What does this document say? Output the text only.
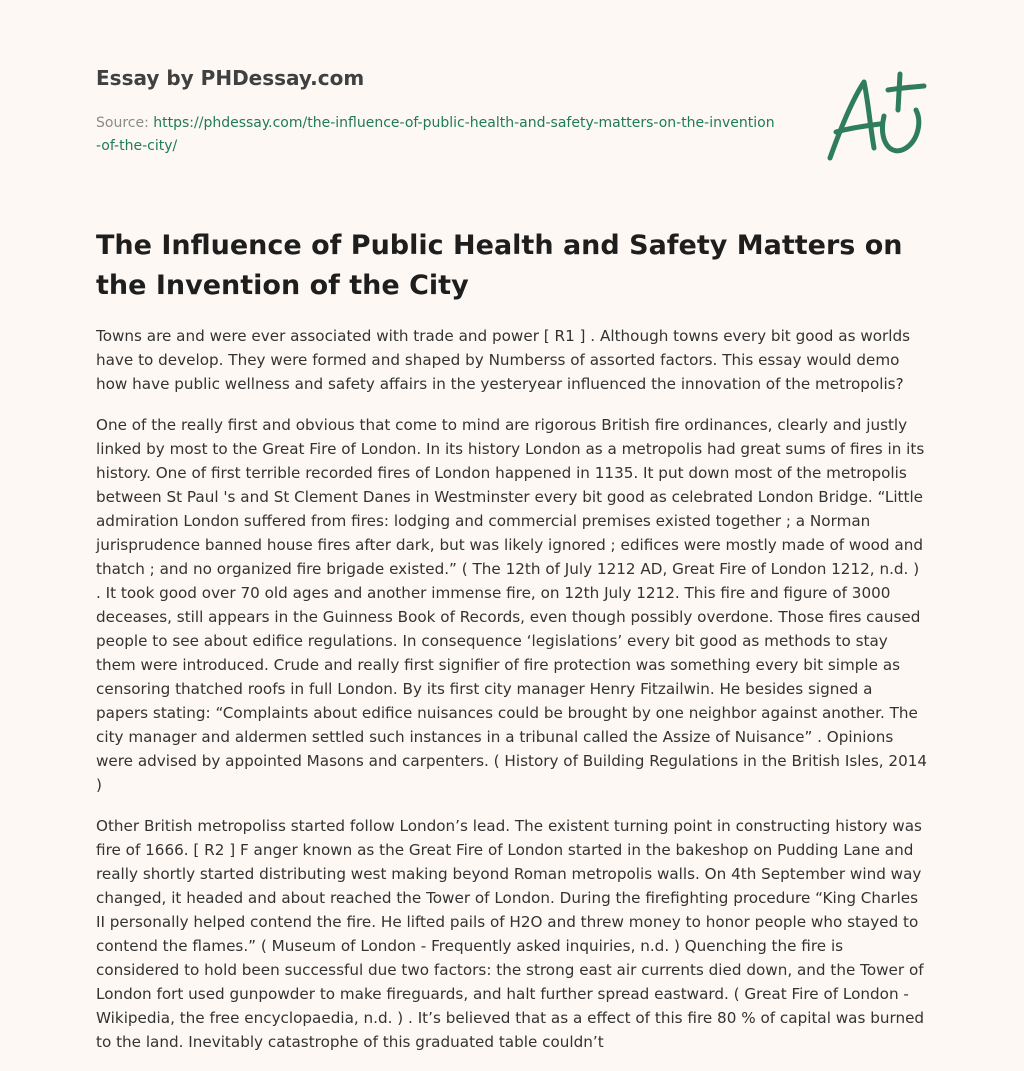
Essay by PHDessay.com
Source: https://phdessay.com/the-influence-of-public-health-and-safety-matters-on-the-invention-of-the-city/
The Influence of Public Health and Safety Matters on the Invention of the City

Towns are and were ever associated with trade and power [ R1 ] . Although towns every bit good as worlds have to develop. They were formed and shaped by Numberss of assorted factors. This essay would demo how have public wellness and safety affairs in the yesteryear influenced the innovation of the metropolis?

One of the really first and obvious that come to mind are rigorous British fire ordinances, clearly and justly linked by most to the Great Fire of London. In its history London as a metropolis had great sums of fires in its history. One of first terrible recorded fires of London happened in 1135. It put down most of the metropolis between St Paul 's and St Clement Danes in Westminster every bit good as celebrated London Bridge. “Little admiration London suffered from fires: lodging and commercial premises existed together ; a Norman jurisprudence banned house fires after dark, but was likely ignored ; edifices were mostly made of wood and thatch ; and no organized fire brigade existed.” ( The 12th of July 1212 AD, Great Fire of London 1212, n.d. ) . It took good over 70 old ages and another immense fire, on 12th July 1212. This fire and figure of 3000 deceases, still appears in the Guinness Book of Records, even though possibly overdone. Those fires caused people to see about edifice regulations. In consequence ‘legislations’ every bit good as methods to stay them were introduced. Crude and really first signifier of fire protection was something every bit simple as censoring thatched roofs in full London. By its first city manager Henry Fitzailwin. He besides signed a papers stating: “Complaints about edifice nuisances could be brought by one neighbor against another. The city manager and aldermen settled such instances in a tribunal called the Assize of Nuisance” . Opinions were advised by appointed Masons and carpenters. ( History of Building Regulations in the British Isles, 2014 )

Other British metropoliss started follow London’s lead. The existent turning point in constructing history was fire of 1666. [ R2 ] F anger known as the Great Fire of London started in the bakeshop on Pudding Lane and really shortly started distributing west making beyond Roman metropolis walls. On 4th September wind way changed, it headed and about reached the Tower of London. During the firefighting procedure “King Charles II personally helped contend the fire. He lifted pails of H2O and threw money to honor people who stayed to contend the flames.” ( Museum of London - Frequently asked inquiries, n.d. ) Quenching the fire is considered to hold been successful due two factors: the strong east air currents died down, and the Tower of London fort used gunpowder to make fireguards, and halt further spread eastward. ( Great Fire of London - Wikipedia, the free encyclopaedia, n.d. ) . It’s believed that as a effect of this fire 80 % of capital was burned to the land. Inevitably catastrophe of this graduated table couldn’t
